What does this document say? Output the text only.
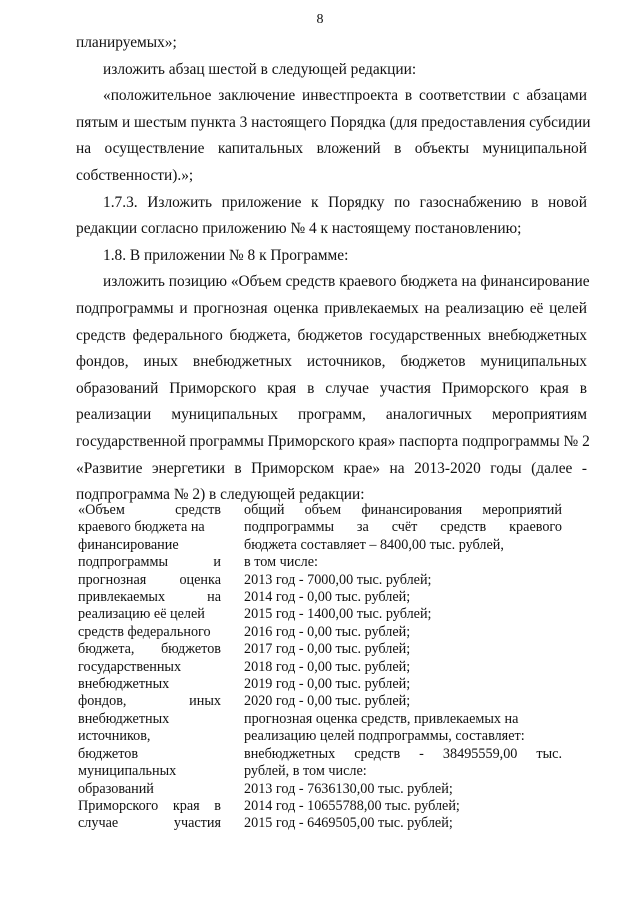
8

планируемых»;

изложить абзац шестой в следующей редакции:

«положительное заключение инвестпроекта в соответствии с абзацами
пятым и шестым пункта 3 настоящего Порядка (для предоставления субсидии
на осуществление капитальных вложений в объекты муниципальной
собственности).»;

1.7.3. Изложить приложение к Порядку по газоснабжению в новой
редакции согласно приложению № 4 к настоящему постановлению;

1.8. В приложении № 8 к Программе:

изложить позицию «Объем средств краевого бюджета на финансирование
подпрограммы и прогнозная оценка привлекаемых на реализацию её целей
средств федерального бюджета, бюджетов государственных внебюджетных
фондов, иных внебюджетных источников, бюджетов муниципальных
образований Приморского края в случае участия Приморского края в
реализации муниципальных программ, аналогичных мероприятиям
государственной программы Приморского края» паспорта подпрограммы № 2
«Развитие энергетики в Приморском крае» на 2013-2020 годы (далее -
подпрограмма № 2) в следующей редакции:

«Объем средств
краевого бюджета на
финансирование
подпрограммы и
прогнозная оценка
привлекаемых на
реализацию её целей
средств федерального
бюджета, бюджетов
государственных
внебюджетных
фондов, иных
внебюджетных
источников,
бюджетов
муниципальных
образований
Приморского края в
случае участия
общий объем финансирования мероприятий
подпрограммы за счёт средств краевого
бюджета составляет – 8400,00 тыс. рублей,
в том числе:
2013 год - 7000,00 тыс. рублей;
2014 год - 0,00 тыс. рублей;
2015 год - 1400,00 тыс. рублей;
2016 год - 0,00 тыс. рублей;
2017 год - 0,00 тыс. рублей;
2018 год - 0,00 тыс. рублей;
2019 год - 0,00 тыс. рублей;
2020 год - 0,00 тыс. рублей;
прогнозная оценка средств, привлекаемых на
реализацию целей подпрограммы, составляет:
внебюджетных средств - 38495559,00 тыс.
рублей, в том числе:
2013 год - 7636130,00 тыс. рублей;
2014 год - 10655788,00 тыс. рублей;
2015 год - 6469505,00 тыс. рублей;
